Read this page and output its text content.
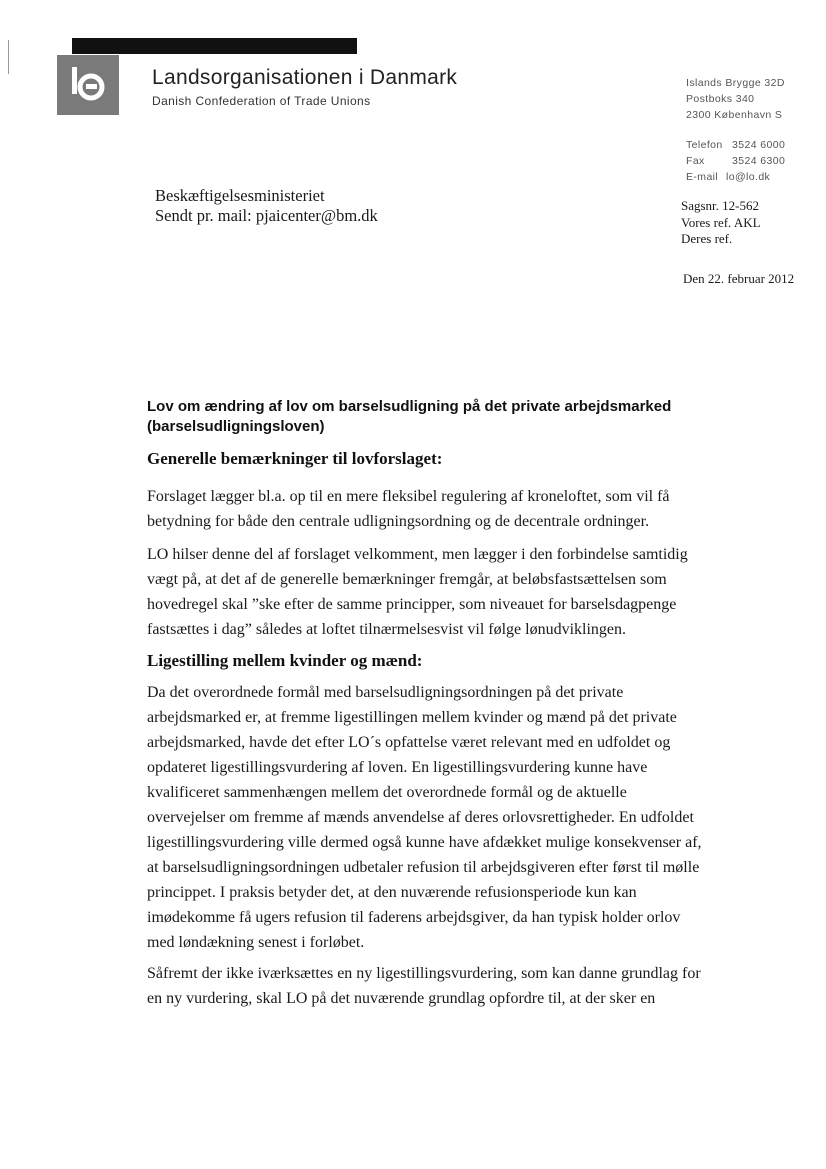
Landsorganisationen i Danmark
Danish Confederation of Trade Unions
Islands Brygge 32D
Postboks 340
2300 København S
Telefon 3524 6000
Fax	3524 6300
E-mail lo@lo.dk
Beskæftigelsesministeriet
Sendt pr. mail: pjaicenter@bm.dk
Sagsnr. 12-562
Vores ref. AKL
Deres ref.
Den 22. februar 2012
Lov om ændring af lov om barselsudligning på det private arbejdsmarked (barselsudligningsloven)
Generelle bemærkninger til lovforslaget:

Forslaget lægger bl.a. op til en mere fleksibel regulering af kroneloftet, som vil få betydning for både den centrale udligningsordning og de decentrale ordninger.

LO hilser denne del af forslaget velkomment, men lægger i den forbindelse samtidig vægt på, at det af de generelle bemærkninger fremgår, at beløbsfastsættelsen som hovedregel skal ”ske efter de samme principper, som niveauet for barselsdagpenge fastsættes i dag” således at loftet tilnærmelsesvist vil følge lønudviklingen.

Ligestilling mellem kvinder og mænd:

Da det overordnede formål med barselsudligningsordningen på det private arbejdsmarked er, at fremme ligestillingen mellem kvinder og mænd på det private arbejdsmarked, havde det efter LO´s opfattelse været relevant med en udfoldet og opdateret ligestillingsvurdering af loven. En ligestillingsvurdering kunne have kvalificeret sammenhængen mellem det overordnede formål og de aktuelle overvejelser om fremme af mænds anvendelse af deres orlovsrettigheder. En udfoldet ligestillingsvurdering ville dermed også kunne have afdækket mulige konsekvenser af, at barselsudligningsordningen udbetaler refusion til arbejdsgiveren efter først til mølle princippet. I praksis betyder det, at den nuværende refusionsperiode kun kan imødekomme få ugers refusion til faderens arbejdsgiver, da han typisk holder orlov med løndækning senest i forløbet.

Såfremt der ikke iværksættes en ny ligestillingsvurdering, som kan danne grundlag for en ny vurdering, skal LO på det nuværende grundlag opfordre til, at der sker en
